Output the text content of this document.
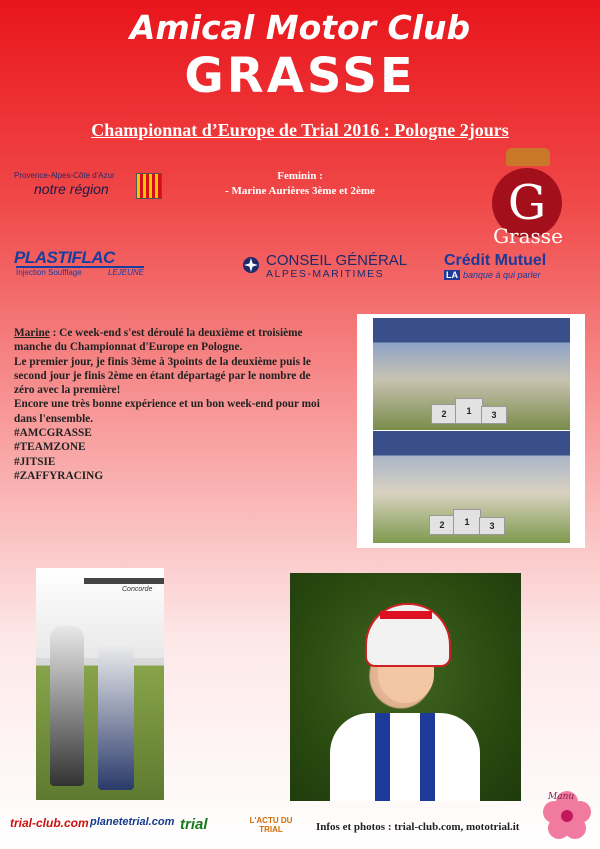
Amical Motor Club
GRASSE
Championnat d’Europe de Trial 2016 : Pologne 2jours
Feminin :
- Marine Aurières 3ème et 2ème
Provence-Alpes-Côte d'Azur
notre région	G
Grasse
PLASTIFLAC
Injection Soufflage	LEJEUNE
CONSEIL GÉNÉRAL
ALPES-MARITIMES
Crédit Mutuel
LA banque à qui parler
Marine : Ce week-end s'est déroulé la deuxième et troisième
manche du Championnat d'Europe en Pologne.
Le premier jour, je finis 3ème à 3points de la deuxième puis le
second jour je finis 2ème en étant départagé par le nombre de
zéro avec la première!
Encore une très bonne expérience et un bon week-end pour moi
dans l'ensemble.
#AMCGRASSE
#TEAMZONE
#JITSIE
#ZAFFYRACING
2	1	3
2	1	3
Concorde
Manu
trial-club.com planetetrial.com trial	L'ACTU DU TRIAL	Infos et photos : trial-club.com, mototrial.it
